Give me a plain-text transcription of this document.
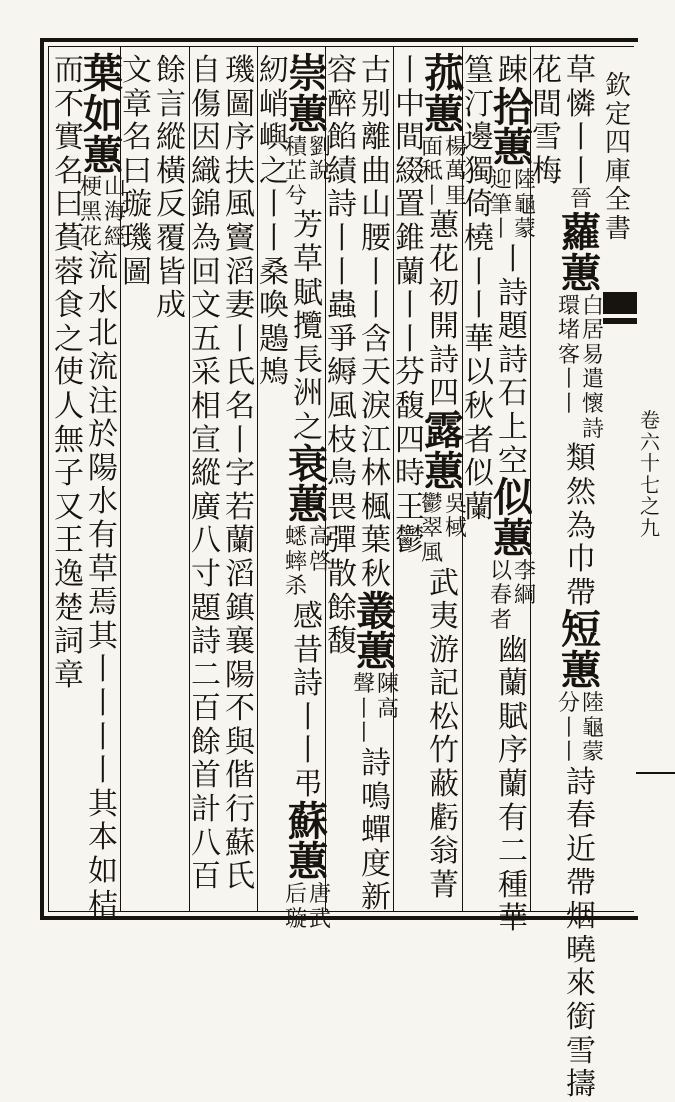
欽
定
四
庫
全
書
卷
六
十
七
之
九
草
憐
丨
丨
晉
蘿
蕙
白
居
易
環
堵
客
遣
懷
詩
丨
丨
類
然
為
巾
帶
短
蕙
陸
龜
蒙
分
丨
丨
詩
春
近
帶
烟
曉
來
銜
雪
擣
花
間
雪
梅
踈
拾
蕙
陸
龜
蒙
迎
筆
丨
丨
詩
題
詩
石
上
空
似
蕙
李
綱
以
春
者
幽
蘭
賦
序
蘭
有
二
種
華
篁
汀
邊
獨
倚
橈
丨
丨
華
以
秋
者
似
蘭
菰
蕙
楊
萬
里
面
秪
丨
蕙
花
初
開
詩
四
露
蕙
吳
棫
鬱
翠
風
武
夷
游
記
松
竹
蔽
虧
翁
菁
丨
中
間
綴
置
錐
蘭
丨
丨
芬
馥
四
時
王
鬱
古
别
離
曲
山
腰
丨
丨
含
天
淚
江
林
楓
葉
秋
叢
蕙
陳
高
聲
丨
丨
詩
鳴
蟬
度
新
容
醉
餡
績
詩
丨
丨
蟲
爭
縟
風
枝
鳥
畏
彈
散
餘
馥
崇
蕙
劉
說
積
芷
兮
芳
草
賦
攬
長
洲
之
衰
蕙
高
啓
蟋
蟀
杀
感
昔
詩
丨
丨
弔
蘇
蕙
唐
武
后
璇
紉
峭
嶼
之
丨
丨
桑
喚
鶗
鴂
璣
圖
序
扶
風
竇
滔
妻
丨
氏
名
丨
字
若
蘭
滔
鎮
襄
陽
不
與
偕
行
蘇
氏
自
傷
因
織
錦
為
回
文
五
采
相
宣
縱
廣
八
寸
題
詩
二
百
餘
首
計
八
百
餘
言
縱
橫
反
覆
皆
成
文
章
名
曰
璇
璣
圖
葉
如
蕙
山
海
經
梗
黑
花
流
水
北
流
注
於
陽
水
有
草
焉
其
丨
丨
丨
丨
其
本
如
桔
而
不
實
名
曰
萯
蓉
食
之
使
人
無
子
又
王
逸
楚
詞
章
